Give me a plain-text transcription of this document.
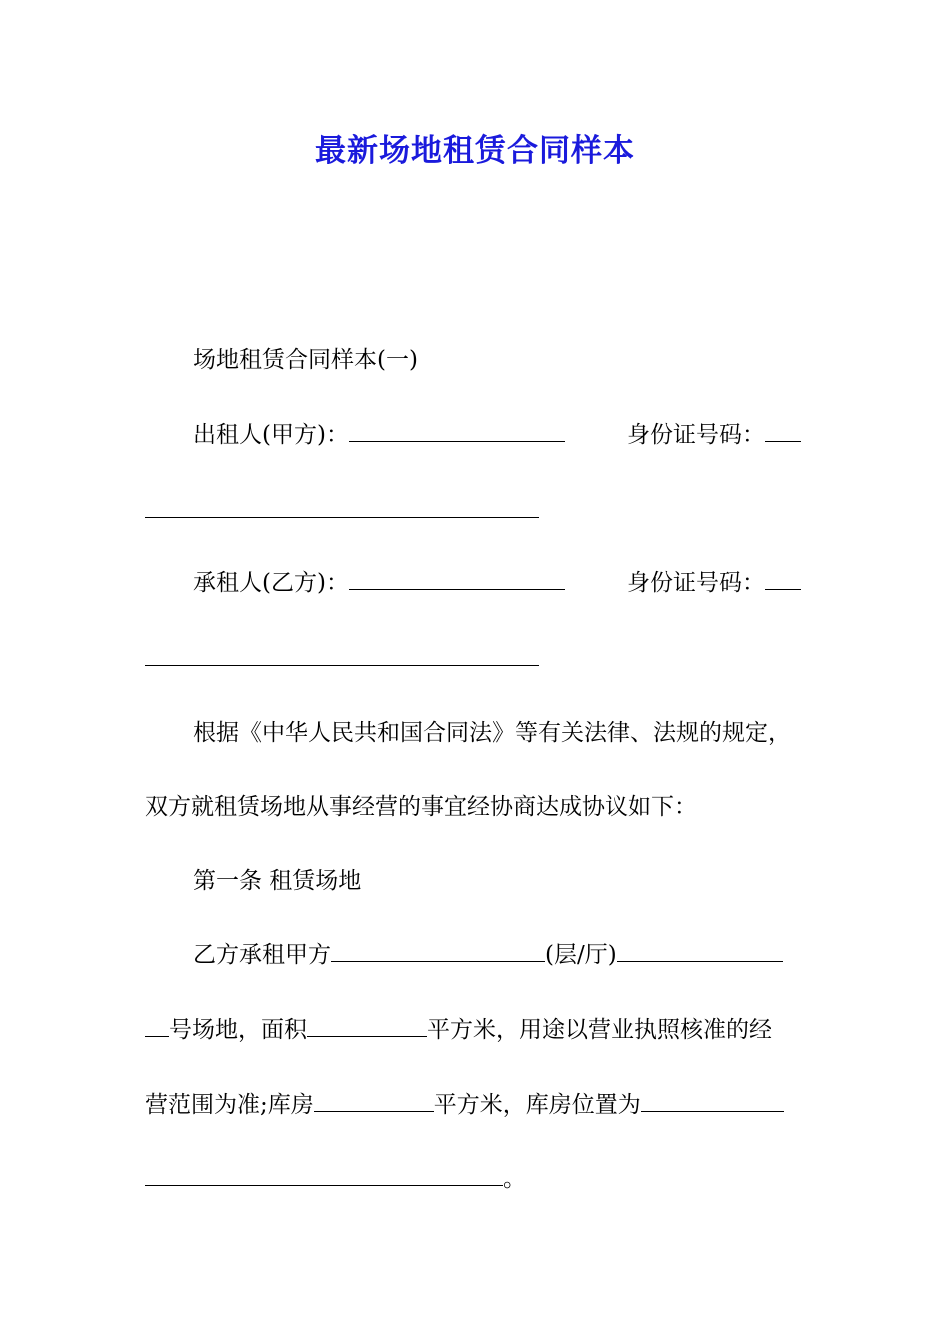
最新场地租赁合同样本
场地租赁合同样本(一)
出租人(甲方)：	身份证号码：
承租人(乙方)：	身份证号码：
根据《中华人民共和国合同法》等有关法律、法规的规定，
双方就租赁场地从事经营的事宜经协商达成协议如下：
第一条 租赁场地
乙方承租甲方	(层/厅)
号场地，面积	平方米，用途以营业执照核准的经
营范围为准;库房	平方米，库房位置为
。
